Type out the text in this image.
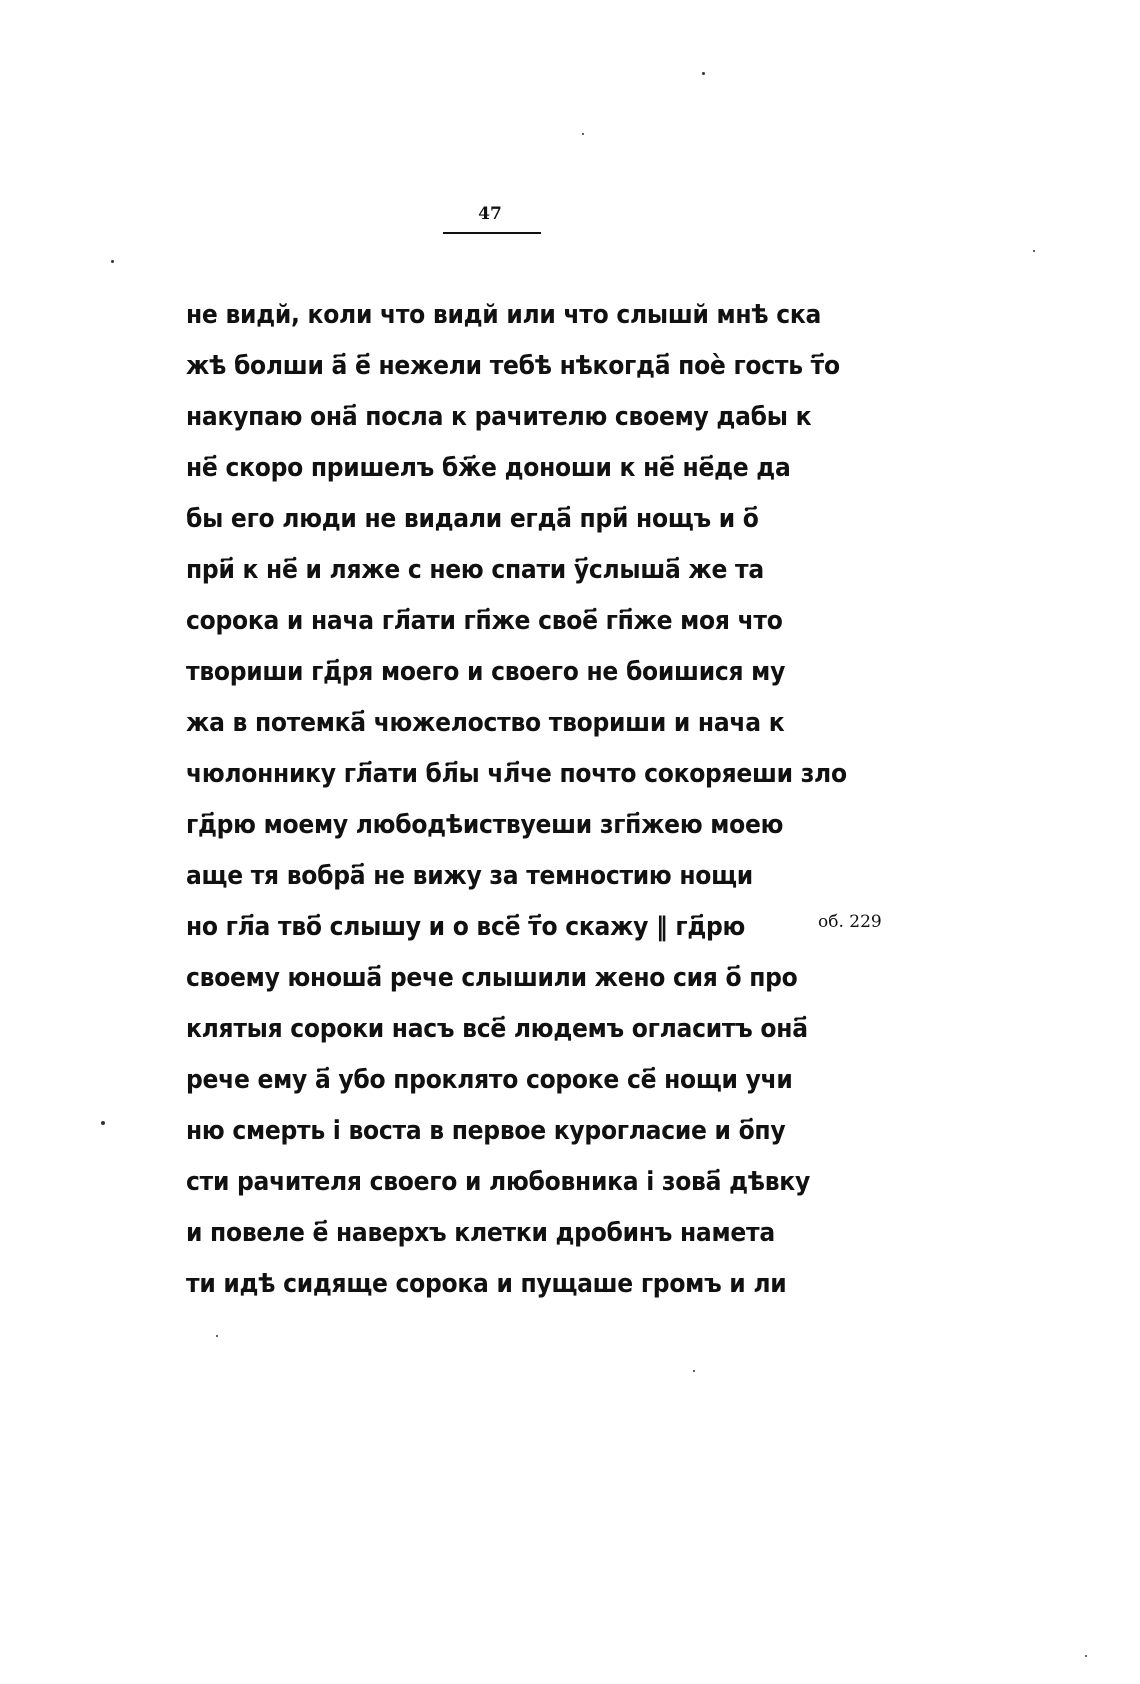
47
не видй, коли что видй или что слышй мнѣ ска
жѣ болши а҃ е҃ нежели тебѣ нѣкогда҃ поѐ гость т҃о
накупаю она҃ посла к рачителю своему дабы к
не҃ скоро пришелъ бж҃е доноши к не҃ не҃де да
бы его люди не видали егда҃ при҃ нощъ и о҃
при҃ к не҃ и ляже с нею спати у҃слыша҃ же та
сорока и нача гл҃ати гп҃же свое҃ гп҃же моя что
твориши гд҃ря моего и своего не боишися му
жа в потемка҃ чюжелоство твориши и нача к
чюлоннику гл҃ати бл҃ы чл҃че почто сокоряеши зло
гд҃рю моему любодѣиствуеши згп҃жею моею
аще тя вобра҃ не вижу за темностию нощи
но гл҃а тво҃ слышу и о все҃ т҃о скажу ‖ гд҃рю
своему юноша҃ рече слышили жено сия о҃ про
клятыя сороки насъ все҃ людемъ огласитъ она҃
рече ему а҃ убо проклято сороке се҃ нощи учи
ню смерть і воста в первое курогласие и о҃пу
сти рачителя своего и любовника і зова҃ дѣвку
и повеле е҃ наверхъ клетки дробинъ намета
ти идѣ сидяще сорока и пущаше громъ и ли
об. 229
